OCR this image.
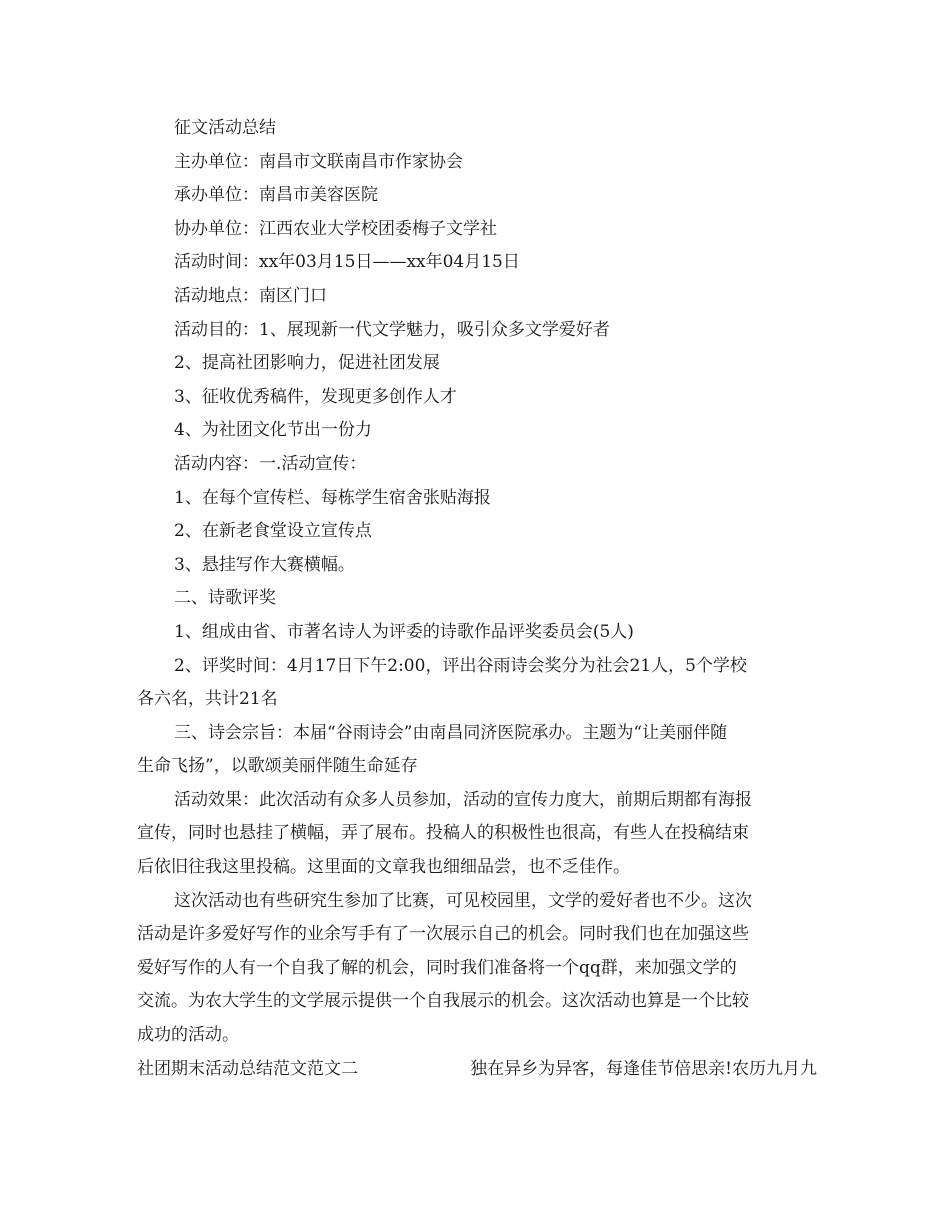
征文活动总结
主办单位：南昌市文联南昌市作家协会
承办单位：南昌市美容医院
协办单位：江西农业大学校团委梅子文学社
活动时间：xx年03月15日——xx年04月15日
活动地点：南区门口
活动目的：1、展现新一代文学魅力，吸引众多文学爱好者
2、提高社团影响力，促进社团发展
3、征收优秀稿件，发现更多创作人才
4、为社团文化节出一份力
活动内容：一.活动宣传：
1、在每个宣传栏、每栋学生宿舍张贴海报
2、在新老食堂设立宣传点
3、悬挂写作大赛横幅。
二、诗歌评奖
1、组成由省、市著名诗人为评委的诗歌作品评奖委员会(5人)
2、评奖时间：4月17日下午2:00，评出谷雨诗会奖分为社会21人，5个学校
各六名，共计21名
三、诗会宗旨：本届“谷雨诗会”由南昌同济医院承办。主题为“让美丽伴随
生命飞扬”，以歌颂美丽伴随生命延存
活动效果：此次活动有众多人员参加，活动的宣传力度大，前期后期都有海报
宣传，同时也悬挂了横幅，弄了展布。投稿人的积极性也很高，有些人在投稿结束
后依旧往我这里投稿。这里面的文章我也细细品尝，也不乏佳作。
这次活动也有些研究生参加了比赛，可见校园里，文学的爱好者也不少。这次
活动是许多爱好写作的业余写手有了一次展示自己的机会。同时我们也在加强这些
爱好写作的人有一个自我了解的机会，同时我们准备将一个qq群，来加强文学的
交流。为农大学生的文学展示提供一个自我展示的机会。这次活动也算是一个比较
成功的活动。
社团期末活动总结范文范文二	独在异乡为异客，每逢佳节倍思亲!农历九月九
